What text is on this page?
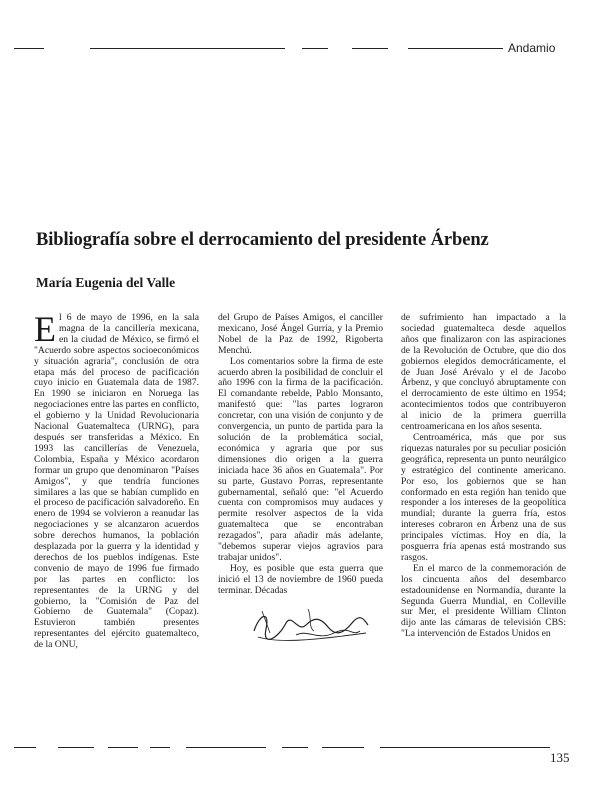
Andamio
Bibliografía sobre el derrocamiento del presidente Árbenz
María Eugenia del Valle

El 6 de mayo de 1996, en la sala magna de la cancillería mexicana, en la ciudad de México, se firmó el "Acuerdo sobre aspectos socioeconómicos y situación agraria", conclusión de otra etapa más del proceso de pacificación cuyo inicio en Guatemala data de 1987. En 1990 se iniciaron en Noruega las negociaciones entre las partes en conflicto, el gobierno y la Unidad Revolucionaria Nacional Guatemalteca (URNG), para después ser transferidas a México. En 1993 las cancillerías de Venezuela, Colombia, España y México acordaron formar un grupo que denominaron "Países Amigos", y que tendría funciones similares a las que se habían cumplido en el proceso de pacificación salvadoreño. En enero de 1994 se volvieron a reanudar las negociaciones y se alcanzaron acuerdos sobre derechos humanos, la población desplazada por la guerra y la identidad y derechos de los pueblos indígenas. Este convenio de mayo de 1996 fue firmado por las partes en conflicto: los representantes de la URNG y del gobierno, la "Comisión de Paz del Gobierno de Guatemala" (Copaz). Estuvieron también presentes representantes del ejército guatemalteco, de la ONU,

del Grupo de Países Amigos, el canciller mexicano, José Ángel Gurría, y la Premio Nobel de la Paz de 1992, Rigoberta Menchú.

Los comentarios sobre la firma de este acuerdo abren la posibilidad de concluir el año 1996 con la firma de la pacificación. El comandante rebelde, Pablo Monsanto, manifestó que: "las partes lograron concretar, con una visión de conjunto y de convergencia, un punto de partida para la solución de la problemática social, económica y agraria que por sus dimensiones dio origen a la guerra iniciada hace 36 años en Guatemala". Por su parte, Gustavo Porras, representante gubernamental, señaló que: "el Acuerdo cuenta con compromisos muy audaces y permite resolver aspectos de la vida guatemalteca que se encontraban rezagados", para añadir más adelante, "debemos superar viejos agravios para trabajar unidos".

Hoy, es posible que esta guerra que inició el 13 de noviembre de 1960 pueda terminar. Décadas

de sufrimiento han impactado a la sociedad guatemalteca desde aquellos años que finalizaron con las aspiraciones de la Revolución de Octubre, que dio dos gobiernos elegidos democráticamente, el de Juan José Arévalo y el de Jacobo Árbenz, y que concluyó abruptamente con el derrocamiento de este último en 1954; acontecimientos todos que contribuyeron al inicio de la primera guerrilla centroamericana en los años sesenta.

Centroamérica, más que por sus riquezas naturales por su peculiar posición geográfica, representa un punto neurálgico y estratégico del continente americano. Por eso, los gobiernos que se han conformado en esta región han tenido que responder a los intereses de la geopolítica mundial; durante la guerra fría, estos intereses cobraron en Árbenz una de sus principales víctimas. Hoy en día, la posguerra fría apenas está mostrando sus rasgos.

En el marco de la conmemoración de los cincuenta años del desembarco estadounidense en Normandía, durante la Segunda Guerra Mundial, en Colleville sur Mer, el presidente William Clinton dijo ante las cámaras de televisión CBS: "La intervención de Estados Unidos en

135
